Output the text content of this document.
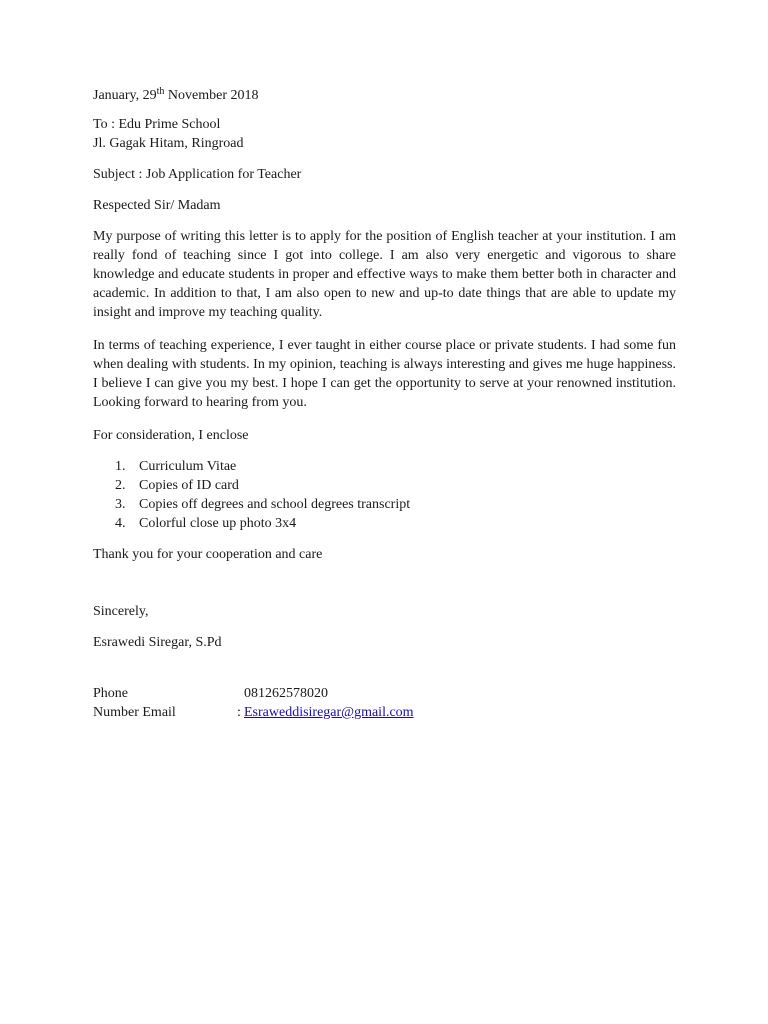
January, 29th November 2018
To : Edu Prime School
Jl. Gagak Hitam, Ringroad
Subject : Job Application for Teacher
Respected Sir/ Madam

My purpose of writing this letter is to apply for the position of English teacher at your institution. I am really fond of teaching since I got into college. I am also very energetic and vigorous to share knowledge and educate students in proper and effective ways to make them better both in character and academic. In addition to that, I am also open to new and up-to date things that are able to update my insight and improve my teaching quality.

In terms of teaching experience, I ever taught in either course place or private students. I had some fun when dealing with students. In my opinion, teaching is always interesting and gives me huge happiness. I believe I can give you my best. I hope I can get the opportunity to serve at your renowned institution. Looking forward to hearing from you.

For consideration, I enclose
1. Curriculum Vitae
2. Copies of ID card
3. Copies off degrees and school degrees transcript
4. Colorful close up photo 3x4
Thank you for your cooperation and care
Sincerely,
Esrawedi Siregar, S.Pd
Phone	081262578020
Number Email	: Esraweddisiregar@gmail.com
